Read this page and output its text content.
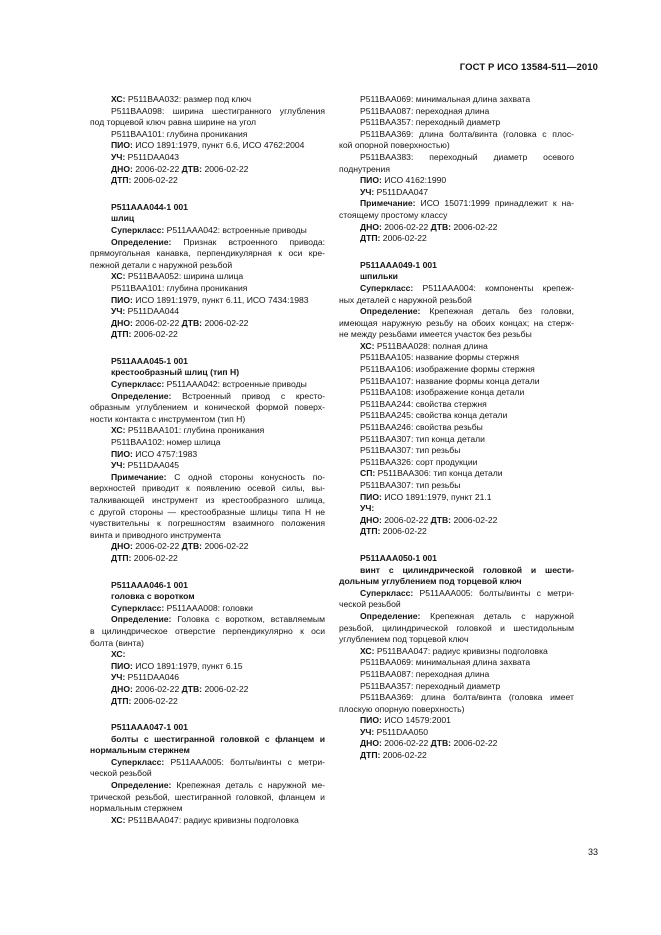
ГОСТ Р ИСО 13584-511—2010
ХС: P511BAA032: размер под ключ
P511BAA098: ширина шестигранного углубления
под торцевой ключ равна ширине на угол
P511BAA101: глубина проникания
ПИО: ИСО 1891:1979, пункт 6.6, ИСО 4762:2004
УЧ: P511DAA043
ДНО: 2006-02-22 ДТВ: 2006-02-22
ДТП: 2006-02-22
P511AAA044-1 001
шлиц
Суперкласс: P511AAA042: встроенные приводы
Определение: Признак встроенного привода:
прямоугольная канавка, перпендикулярная к оси кре-
пежной детали с наружной резьбой
ХС: P511BAA052: ширина шлица
P511BAA101: глубина проникания
ПИО: ИСО 1891:1979, пункт 6.11, ИСО 7434:1983
УЧ: P511DAA044
ДНО: 2006-02-22 ДТВ: 2006-02-22
ДТП: 2006-02-22
P511AAA045-1 001
крестообразный шлиц (тип H)
Суперкласс: P511AAA042: встроенные приводы
Определение: Встроенный привод с кресто-
образным углублением и конической формой поверх-
ности контакта с инструментом (тип H)
ХС: P511BAA101: глубина проникания
P511BAA102: номер шлица
ПИО: ИСО 4757:1983
УЧ: P511DAA045
Примечание: С одной стороны конусность по-
верхностей приводит к появлению осевой силы, вы-
талкивающей инструмент из крестообразного шлица,
с другой стороны — крестообразные шлицы типа H не
чувствительны к погрешностям взаимного положения
винта и приводного инструмента
ДНО: 2006-02-22 ДТВ: 2006-02-22
ДТП: 2006-02-22
P511AAA046-1 001
головка с воротком
Суперкласс: P511AAA008: головки
Определение: Головка с воротком, вставляемым
в цилиндрическое отверстие перпендикулярно к оси
болта (винта)
ХС:
ПИО: ИСО 1891:1979, пункт 6.15
УЧ: P511DAA046
ДНО: 2006-02-22 ДТВ: 2006-02-22
ДТП: 2006-02-22
P511AAA047-1 001
болты с шестигранной головкой с фланцем и
нормальным стержнем
Суперкласс: P511AAA005: болты/винты с метри-
ческой резьбой
Определение: Крепежная деталь с наружной ме-
трической резьбой, шестигранной головкой, фланцем и
нормальным стержнем
ХС: P511BAA047: радиус кривизны подголовка
P511BAA069: минимальная длина захвата
P511BAA087: переходная длина
P511BAA357: переходный диаметр
P511BAA369: длина болта/винта (головка с плос-
кой опорной поверхностью)
P511BAA383: переходный диаметр осевого
поднутрения
ПИО: ИСО 4162:1990
УЧ: P511DAA047
Примечание: ИСО 15071:1999 принадлежит к на-
стоящему простому классу
ДНО: 2006-02-22 ДТВ: 2006-02-22
ДТП: 2006-02-22
P511AAA049-1 001
шпильки
Суперкласс: P511AAA004: компоненты крепеж-
ных деталей с наружной резьбой
Определение: Крепежная деталь без головки,
имеющая наружную резьбу на обоих концах; на стерж-
не между резьбами имеется участок без резьбы
ХС: P511BAA028: полная длина
P511BAA105: название формы стержня
P511BAA106: изображение формы стержня
P511BAA107: название формы конца детали
P511BAA108: изображение конца детали
P511BAA244: свойства стержня
P511BAA245: свойства конца детали
P511BAA246: свойства резьбы
P511BAA307: тип конца детали
P511BAA307: тип резьбы
P511BAA326: сорт продукции
СП: P511BAA306: тип конца детали
P511BAA307: тип резьбы
ПИО: ИСО 1891:1979, пункт 21.1
УЧ:
ДНО: 2006-02-22 ДТВ: 2006-02-22
ДТП: 2006-02-22
P511AAA050-1 001
винт с цилиндрической головкой и шести-
дольным углублением под торцевой ключ
Суперкласс: P511AAA005: болты/винты с метри-
ческой резьбой
Определение: Крепежная деталь с наружной
резьбой, цилиндрической головкой и шестидольным
углублением под торцевой ключ
ХС: P511BAA047: радиус кривизны подголовка
P511BAA069: минимальная длина захвата
P511BAA087: переходная длина
P511BAA357: переходный диаметр
P511BAA369: длина болта/винта (головка имеет
плоскую опорную поверхность)
ПИО: ИСО 14579:2001
УЧ: P511DAA050
ДНО: 2006-02-22 ДТВ: 2006-02-22
ДТП: 2006-02-22
33
